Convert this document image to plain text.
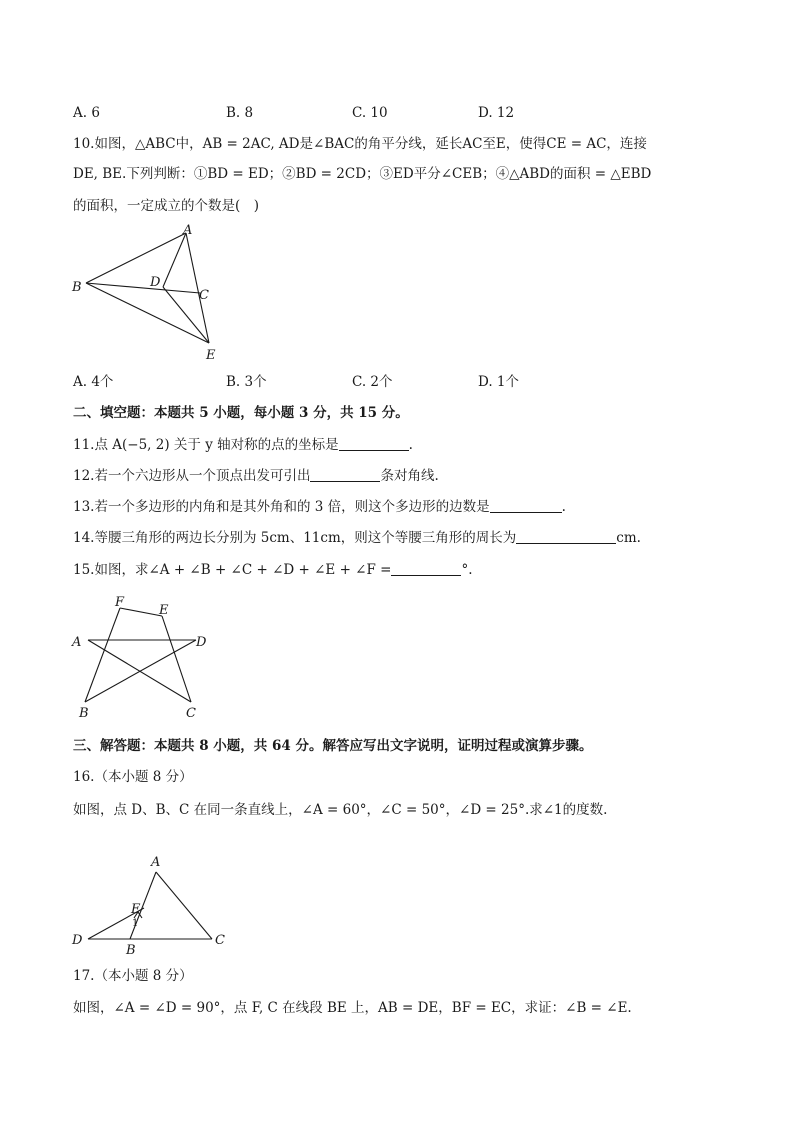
A. 6	B. 8	C. 10	D. 12
10.如图，△ABC中，AB = 2AC, AD是∠BAC的角平分线，延长AC至E，使得CE = AC，连接
DE, BE.下列判断：①BD = ED；②BD = 2CD；③ED平分∠CEB；④△ABD的面积 = △EBD
的面积，一定成立的个数是(　)
A
B
C
D
E
A. 4个	B. 3个	C. 2个	D. 1个
二、填空题：本题共 5 小题，每小题 3 分，共 15 分。
11.点 A(−5, 2) 关于 y 轴对称的点的坐标是	.
12.若一个六边形从一个顶点出发可引出	条对角线.
13.若一个多边形的内角和是其外角和的 3 倍，则这个多边形的边数是	.
14.等腰三角形的两边长分别为 5cm、11cm，则这个等腰三角形的周长为	cm.
15.如图，求∠A + ∠B + ∠C + ∠D + ∠E + ∠F =	°.
F
E
A	D
B	C
三、解答题：本题共 8 小题，共 64 分。解答应写出文字说明，证明过程或演算步骤。
16.（本小题 8 分）
如图，点 D、B、C 在同一条直线上，∠A = 60°，∠C = 50°，∠D = 25°.求∠1的度数.
A
E
1
D
B
C
17.（本小题 8 分）
如图，∠A = ∠D = 90°，点 F, C 在线段 BE 上，AB = DE，BF = EC，求证：∠B = ∠E.
